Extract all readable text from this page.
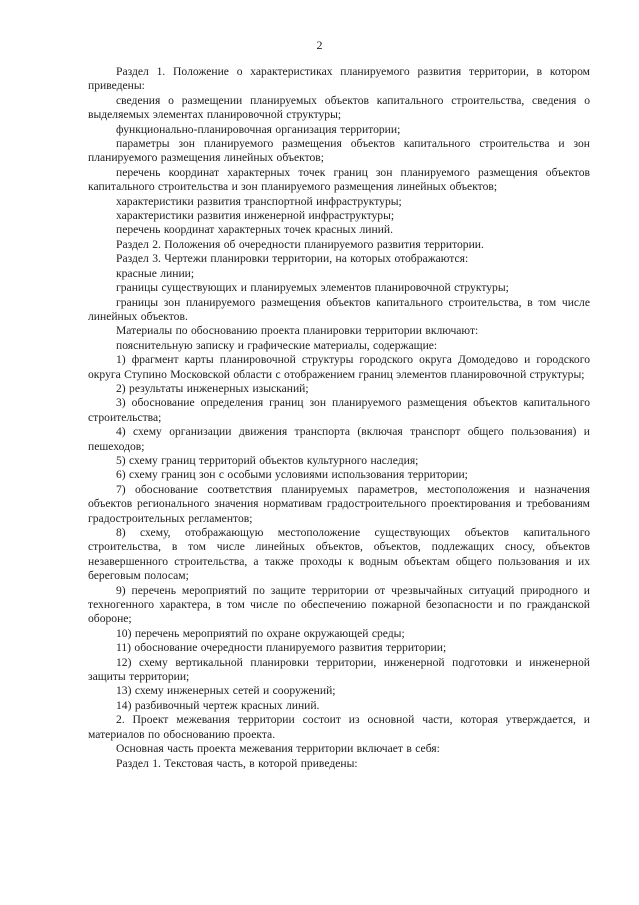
2

Раздел 1. Положение о характеристиках планируемого развития территории, в котором приведены:

сведения о размещении планируемых объектов капитального строительства, сведения о выделяемых элементах планировочной структуры;

функционально-планировочная организация территории;

параметры зон планируемого размещения объектов капитального строительства и зон планируемого размещения линейных объектов;

перечень координат характерных точек границ зон планируемого размещения объектов капитального строительства и зон планируемого размещения линейных объектов;

характеристики развития транспортной инфраструктуры;

характеристики развития инженерной инфраструктуры;

перечень координат характерных точек красных линий.

Раздел 2. Положения об очередности планируемого развития территории.

Раздел 3. Чертежи планировки территории, на которых отображаются:

красные линии;

границы существующих и планируемых элементов планировочной структуры;

границы зон планируемого размещения объектов капитального строительства, в том числе линейных объектов.

Материалы по обоснованию проекта планировки территории включают:

пояснительную записку и графические материалы, содержащие:

1) фрагмент карты планировочной структуры городского округа Домодедово и городского округа Ступино Московской области с отображением границ элементов планировочной структуры;

2) результаты инженерных изысканий;

3) обоснование определения границ зон планируемого размещения объектов капитального строительства;

4) схему организации движения транспорта (включая транспорт общего пользования) и пешеходов;

5) схему границ территорий объектов культурного наследия;

6) схему границ зон с особыми условиями использования территории;

7) обоснование соответствия планируемых параметров, местоположения и назначения объектов регионального значения нормативам градостроительного проектирования и требованиям градостроительных регламентов;

8) схему, отображающую местоположение существующих объектов капитального строительства, в том числе линейных объектов, объектов, подлежащих сносу, объектов незавершенного строительства, а также проходы к водным объектам общего пользования и их береговым полосам;

9) перечень мероприятий по защите территории от чрезвычайных ситуаций природного и техногенного характера, в том числе по обеспечению пожарной безопасности и по гражданской обороне;

10) перечень мероприятий по охране окружающей среды;

11) обоснование очередности планируемого развития территории;

12) схему вертикальной планировки территории, инженерной подготовки и инженерной защиты территории;

13) схему инженерных сетей и сооружений;

14) разбивочный чертеж красных линий.

2. Проект межевания территории состоит из основной части, которая утверждается, и материалов по обоснованию проекта.

Основная часть проекта межевания территории включает в себя:

Раздел 1. Текстовая часть, в которой приведены:
